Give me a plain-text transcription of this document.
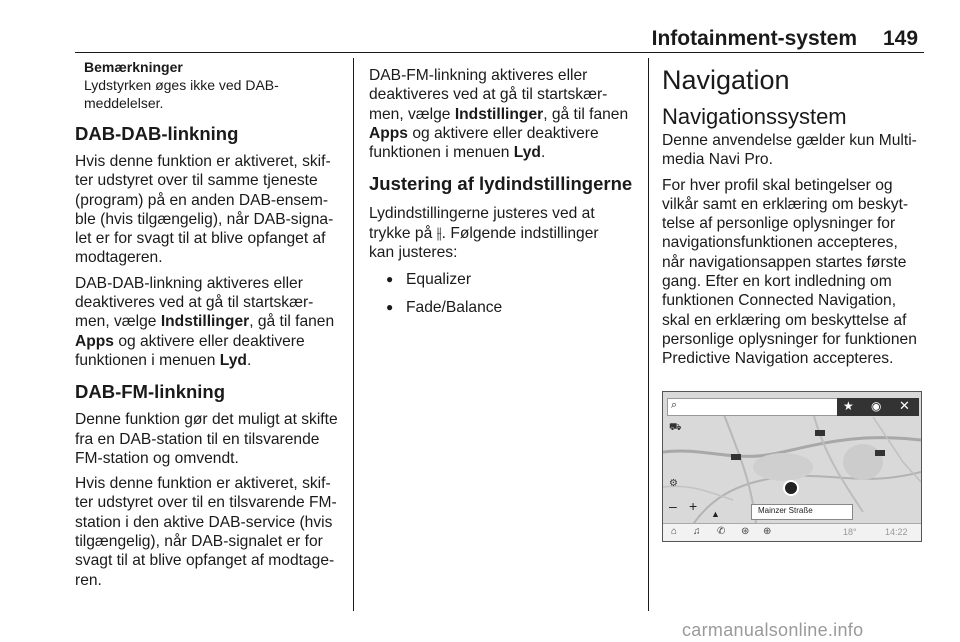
Infotainment-system 149

Bemærkninger

Lydstyrken øges ikke ved DAB-

meddelelser.

DAB-DAB-linkning

Hvis denne funktion er aktiveret, skif-

ter udstyret over til samme tjeneste

(program) på en anden DAB-ensem-

ble (hvis tilgængelig), når DAB-signa-

let er for svagt til at blive opfanget af

modtageren.

DAB-DAB-linkning aktiveres eller

deaktiveres ved at gå til startskær-

men, vælge Indstillinger, gå til fanen

Apps og aktivere eller deaktivere

funktionen i menuen Lyd.

DAB-FM-linkning

Denne funktion gør det muligt at skifte

fra en DAB-station til en tilsvarende

FM-station og omvendt.

Hvis denne funktion er aktiveret, skif-

ter udstyret over til en tilsvarende FM-

station i den aktive DAB-service (hvis

tilgængelig), når DAB-signalet er for

svagt til at blive opfanget af modtage-

ren.

DAB-FM-linkning aktiveres eller

deaktiveres ved at gå til startskær-

men, vælge Indstillinger, gå til fanen

Apps og aktivere eller deaktivere

funktionen i menuen Lyd.

Justering af lydindstillingerne

Lydindstillingerne justeres ved at

trykke på ⫲. Følgende indstillinger

kan justeres:

● Equalizer
● Fade/Balance
Navigation
Navigationssystem

Denne anvendelse gælder kun Multi-

media Navi Pro.

For hver profil skal betingelser og

vilkår samt en erklæring om beskyt-

telse af personlige oplysninger for

navigationsfunktionen accepteres,

når navigationsappen startes første

gang. Efter en kort indledning om

funktionen Connected Navigation,

skal en erklæring om beskyttelse af

personlige oplysninger for funktionen

Predictive Navigation accepteres.

⌕	★ ◉ ✕
⛟
⚙
– + ▲	Mainzer Straße
⌂ ♫ ✆ ⊛ ⊕	18°	14:22
carmanualsonline.info
